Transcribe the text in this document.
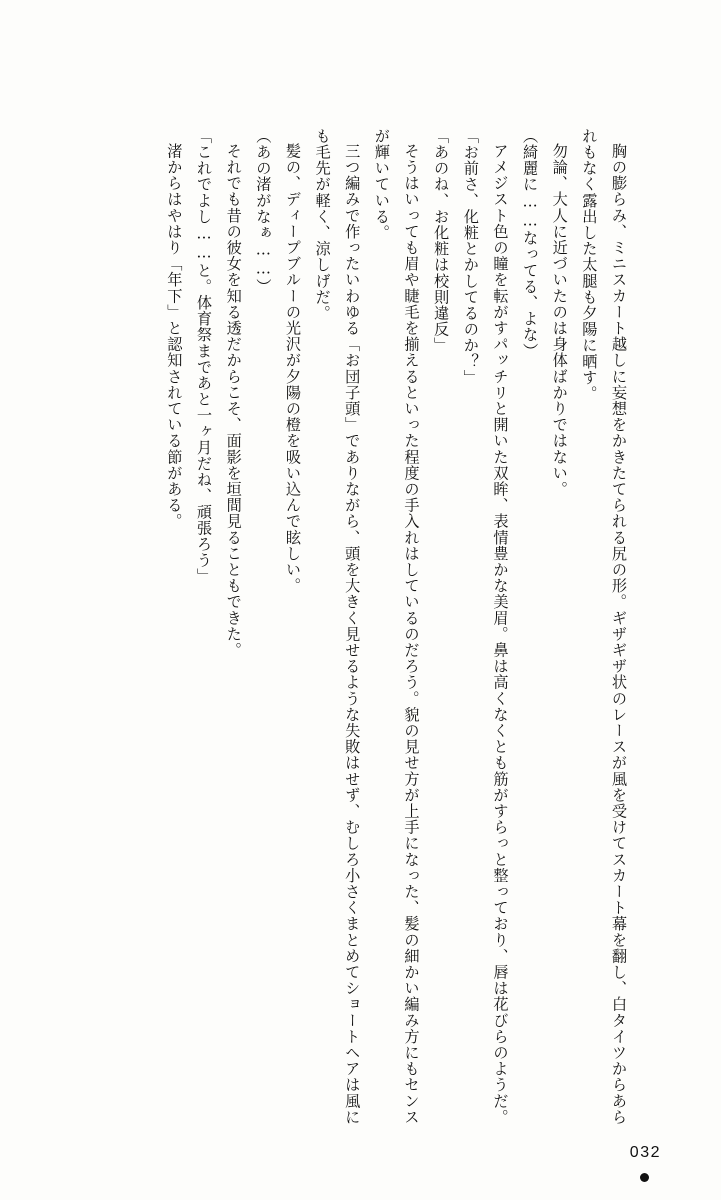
胸の膨らみ、ミニスカート越しに妄想をかきたてられる尻の形。ギザギザ状のレースが風を受けてスカート幕を翻し、白タイツからあられもなく露出した太腿も夕陽に晒す。

勿論、大人に近づいたのは身体ばかりではない。

（綺麗に……なってる、よな）

アメジスト色の瞳を転がすパッチリと開いた双眸、表情豊かな美眉。鼻は高くなくとも筋がすらっと整っており、唇は花びらのようだ。

「お前さ、化粧とかしてるのか？」

「あのね、お化粧は校則違反」

そうはいっても眉や睫毛を揃えるといった程度の手入れはしているのだろう。貌の見せ方が上手になった、髪の細かい編み方にもセンスが輝いている。

三つ編みで作ったいわゆる「お団子頭」でありながら、頭を大きく見せるような失敗はせず、むしろ小さくまとめてショートヘアは風にも毛先が軽く、涼しげだ。

髪の、ディープブルーの光沢が夕陽の橙を吸い込んで眩しい。

（あの渚がなぁ……）

それでも昔の彼女を知る透だからこそ、面影を垣間見ることもできた。

「これでよし……と。体育祭まであと一ヶ月だね、頑張ろう」

渚からはやはり「年下」と認知されている節がある。

032
